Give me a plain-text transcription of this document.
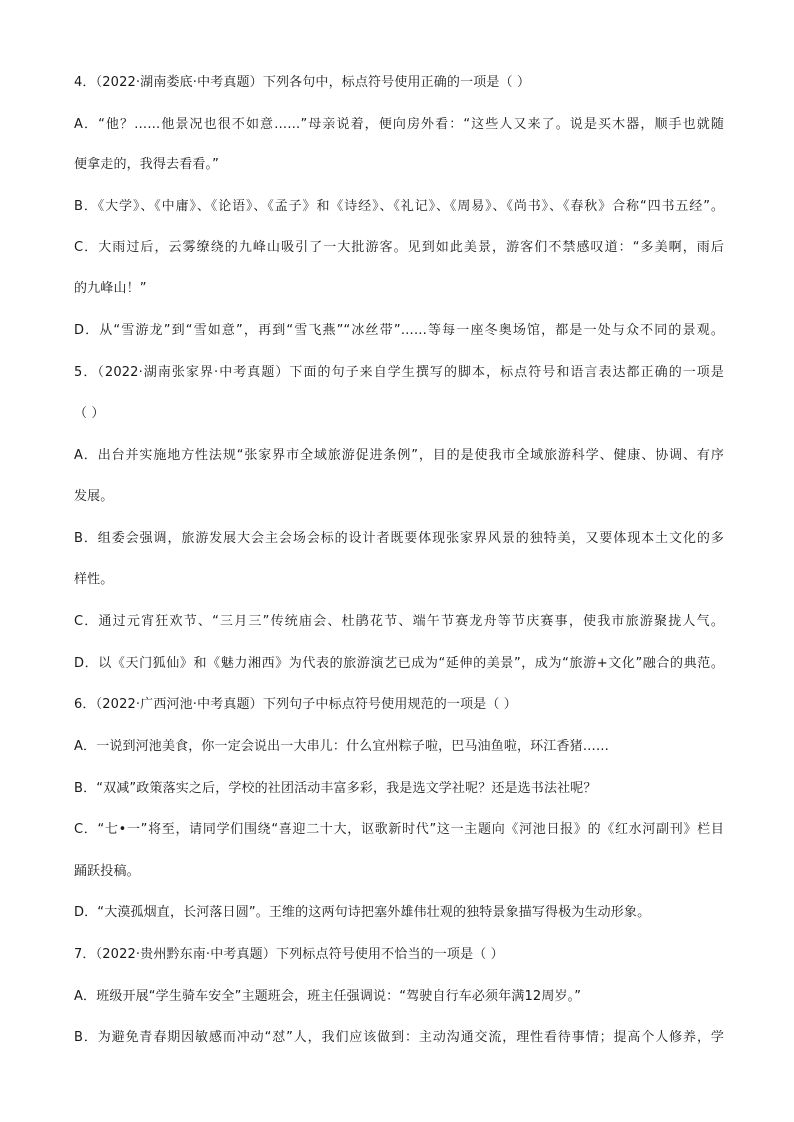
4．（2022·湖南娄底·中考真题）下列各句中，标点符号使用正确的一项是（ ）
A．“他？……他景况也很不如意……”母亲说着，便向房外看：“这些人又来了。说是买木器，顺手也就随
便拿走的，我得去看看。”
B．《大学》、《中庸》、《论语》、《孟子》和《诗经》、《礼记》、《周易》、《尚书》、《春秋》合称“四书五经”。
C．大雨过后，云雾缭绕的九峰山吸引了一大批游客。见到如此美景，游客们不禁感叹道：“多美啊，雨后
的九峰山！”
D．从“雪游龙”到“雪如意”，再到“雪飞燕”“冰丝带”……等每一座冬奥场馆，都是一处与众不同的景观。
5．（2022·湖南张家界·中考真题）下面的句子来自学生撰写的脚本，标点符号和语言表达都正确的一项是
（ ）
A．出台并实施地方性法规“张家界市全域旅游促进条例”，目的是使我市全域旅游科学、健康、协调、有序
发展。
B．组委会强调，旅游发展大会主会场会标的设计者既要体现张家界风景的独特美，又要体现本土文化的多
样性。
C．通过元宵狂欢节、“三月三”传统庙会、杜鹃花节、端午节赛龙舟等节庆赛事，使我市旅游聚拢人气。
D．以《天门狐仙》和《魅力湘西》为代表的旅游演艺已成为“延伸的美景”，成为“旅游+文化”融合的典范。
6．（2022·广西河池·中考真题）下列句子中标点符号使用规范的一项是（ ）
A．一说到河池美食，你一定会说出一大串儿：什么宜州粽子啦，巴马油鱼啦，环江香猪……
B．“双减”政策落实之后，学校的社团活动丰富多彩，我是选文学社呢？还是选书法社呢？
C．“七•一”将至，请同学们围绕“喜迎二十大，讴歌新时代”这一主题向《河池日报》的《红水河副刊》栏目
踊跃投稿。
D．“大漠孤烟直，长河落日圆”。王维的这两句诗把塞外雄伟壮观的独特景象描写得极为生动形象。
7．（2022·贵州黔东南·中考真题）下列标点符号使用不恰当的一项是（ ）
A．班级开展“学生骑车安全”主题班会，班主任强调说：“驾驶自行车必须年满12周岁。”
B．为避免青春期因敏感而冲动“怼”人，我们应该做到：主动沟通交流，理性看待事情；提高个人修养，学
